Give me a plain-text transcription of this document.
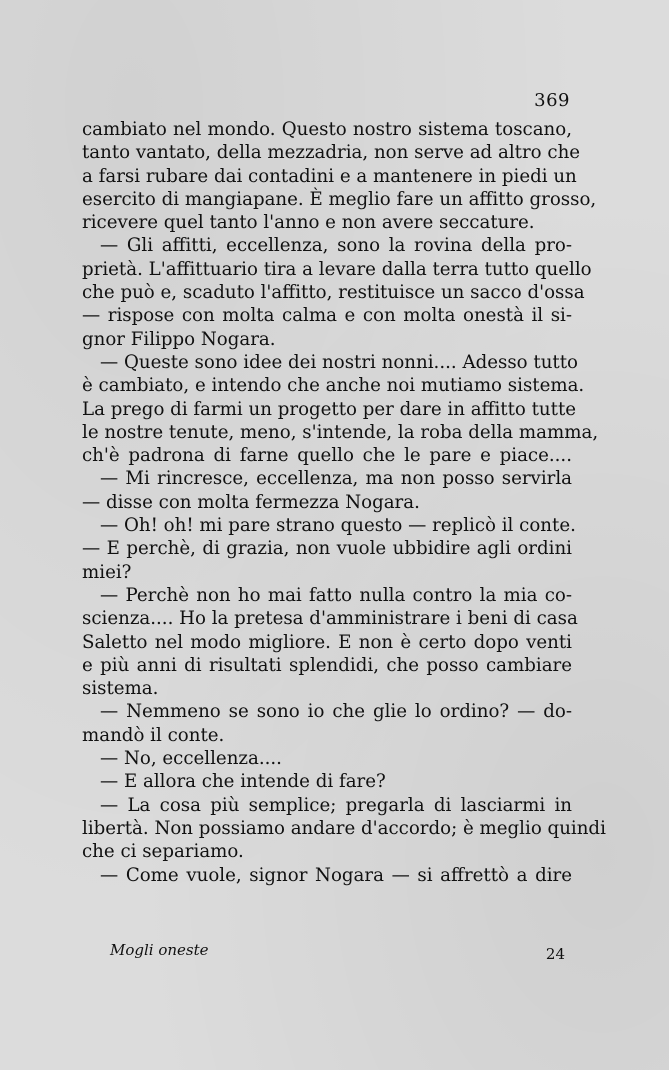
369
cambiato nel mondo. Questo nostro sistema toscano,
tanto vantato, della mezzadria, non serve ad altro che
a farsi rubare dai contadini e a mantenere in piedi un
esercito di mangiapane. È meglio fare un affitto grosso,
ricevere quel tanto l'anno e non avere seccature.
— Gli affitti, eccellenza, sono la rovina della pro-
prietà. L'affittuario tira a levare dalla terra tutto quello
che può e, scaduto l'affitto, restituisce un sacco d'ossa
— rispose con molta calma e con molta onestà il si-
gnor Filippo Nogara.
— Queste sono idee dei nostri nonni.... Adesso tutto
è cambiato, e intendo che anche noi mutiamo sistema.
La prego di farmi un progetto per dare in affitto tutte
le nostre tenute, meno, s'intende, la roba della mamma,
ch'è padrona di farne quello che le pare e piace....
— Mi rincresce, eccellenza, ma non posso servirla
— disse con molta fermezza Nogara.
— Oh! oh! mi pare strano questo — replicò il conte.
— E perchè, di grazia, non vuole ubbidire agli ordini
miei?
— Perchè non ho mai fatto nulla contro la mia co-
scienza.... Ho la pretesa d'amministrare i beni di casa
Saletto nel modo migliore. E non è certo dopo venti
e più anni di risultati splendidi, che posso cambiare
sistema.
— Nemmeno se sono io che glie lo ordino? — do-
mandò il conte.
— No, eccellenza....
— E allora che intende di fare?
— La cosa più semplice; pregarla di lasciarmi in
libertà. Non possiamo andare d'accordo; è meglio quindi
che ci separiamo.
— Come vuole, signor Nogara — si affrettò a dire
Mogli oneste	24
